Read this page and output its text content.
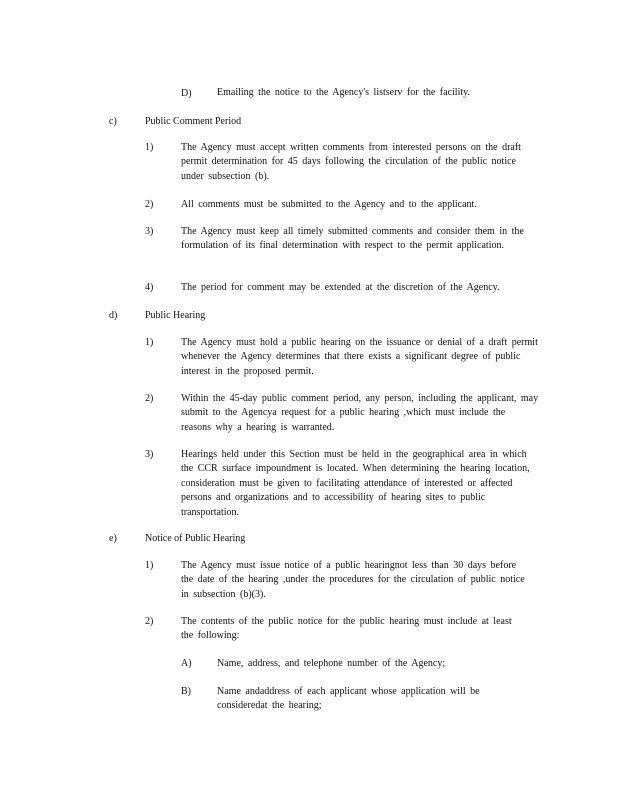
D)	Emailing the notice to the Agency's listserv for the facility.
c)	Public Comment Period
1)	The Agency must accept written comments from interested persons on the draft permit determination for 45 days following the circulation of the public notice under subsection (b).
2)	All comments must be submitted to the Agency and to the applicant.
3)	The Agency must keep all timely submitted comments and consider them in the formulation of its final determination with respect to the permit application.
4)	The period for comment may be extended at the discretion of the Agency.
d)	Public Hearing
1)	The Agency must hold a public hearing on the issuance or denial of a draft permit whenever the Agency determines that there exists a significant degree of public interest in the proposed permit.
2)	Within the 45-day public comment period, any person, including the applicant, may submit to the Agencya request for a public hearing ,which must include the reasons why a hearing is warranted.
3)	Hearings held under this Section must be held in the geographical area in which the CCR surface impoundment is located. When determining the hearing location, consideration must be given to facilitating attendance of interested or affected persons and organizations and to accessibility of hearing sites to public transportation.
e)	Notice of Public Hearing
1)	The Agency must issue notice of a public hearingnot less than 30 days before the date of the hearing ,under the procedures for the circulation of public notice in subsection (b)(3).
2)	The contents of the public notice for the public hearing must include at least the following:
A)	Name, address, and telephone number of the Agency;
B)	Name andaddress of each applicant whose application will be consideredat the hearing;
